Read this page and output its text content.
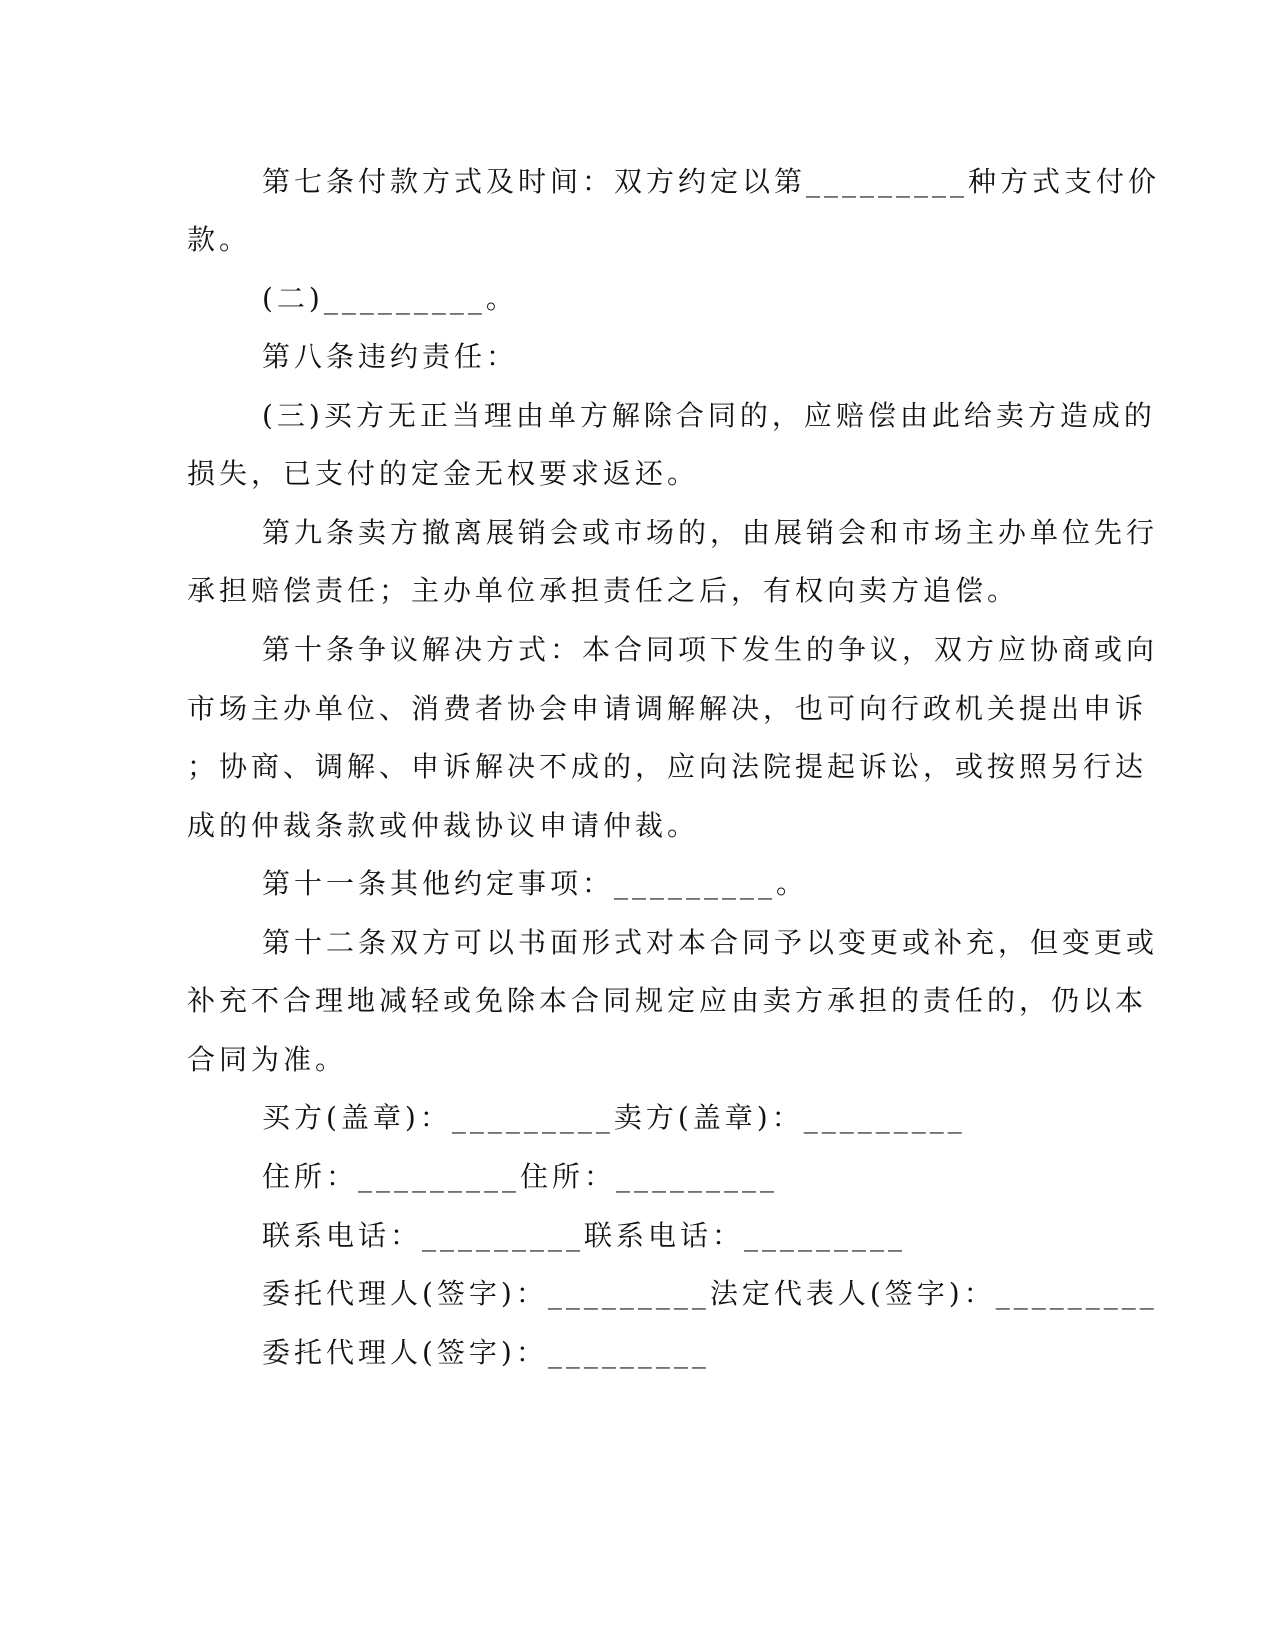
第七条付款方式及时间：双方约定以第_________种方式支付价
款。
(二)_________。
第八条违约责任：
(三)买方无正当理由单方解除合同的，应赔偿由此给卖方造成的
损失，已支付的定金无权要求返还。
第九条卖方撤离展销会或市场的，由展销会和市场主办单位先行
承担赔偿责任；主办单位承担责任之后，有权向卖方追偿。
第十条争议解决方式：本合同项下发生的争议，双方应协商或向
市场主办单位、消费者协会申请调解解决，也可向行政机关提出申诉
；协商、调解、申诉解决不成的，应向法院提起诉讼，或按照另行达
成的仲裁条款或仲裁协议申请仲裁。
第十一条其他约定事项：_________。
第十二条双方可以书面形式对本合同予以变更或补充，但变更或
补充不合理地减轻或免除本合同规定应由卖方承担的责任的，仍以本
合同为准。
买方(盖章)：_________卖方(盖章)：_________
住所：_________住所：_________
联系电话：_________联系电话：_________
委托代理人(签字)：_________法定代表人(签字)：_________
委托代理人(签字)：_________
